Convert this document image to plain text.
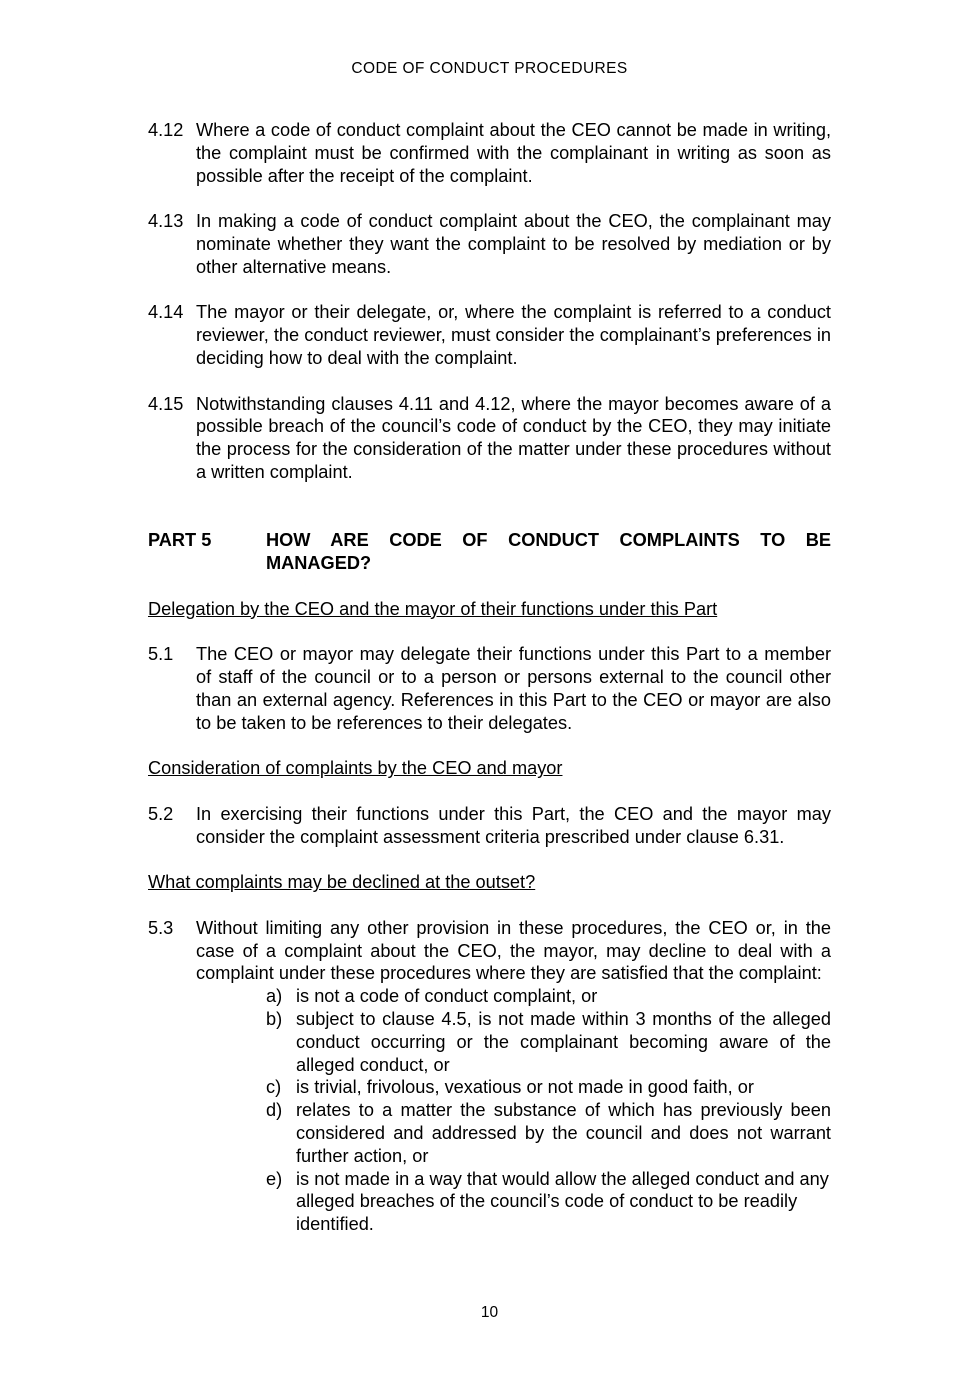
CODE OF CONDUCT PROCEDURES
4.12 Where a code of conduct complaint about the CEO cannot be made in writing, the complaint must be confirmed with the complainant in writing as soon as possible after the receipt of the complaint.
4.13 In making a code of conduct complaint about the CEO, the complainant may nominate whether they want the complaint to be resolved by mediation or by other alternative means.
4.14 The mayor or their delegate, or, where the complaint is referred to a conduct reviewer, the conduct reviewer, must consider the complainant’s preferences in deciding how to deal with the complaint.
4.15 Notwithstanding clauses 4.11 and 4.12, where the mayor becomes aware of a possible breach of the council’s code of conduct by the CEO, they may initiate the process for the consideration of the matter under these procedures without a written complaint.
PART 5	HOW ARE CODE OF CONDUCT COMPLAINTS TO BE MANAGED?
Delegation by the CEO and the mayor of their functions under this Part
5.1	The CEO or mayor may delegate their functions under this Part to a member of staff of the council or to a person or persons external to the council other than an external agency. References in this Part to the CEO or mayor are also to be taken to be references to their delegates.
Consideration of complaints by the CEO and mayor
5.2	In exercising their functions under this Part, the CEO and the mayor may consider the complaint assessment criteria prescribed under clause 6.31.
What complaints may be declined at the outset?
5.3	Without limiting any other provision in these procedures, the CEO or, in the case of a complaint about the CEO, the mayor, may decline to deal with a complaint under these procedures where they are satisfied that the complaint:
a) is not a code of conduct complaint, or
b) subject to clause 4.5, is not made within 3 months of the alleged conduct occurring or the complainant becoming aware of the alleged conduct, or
c) is trivial, frivolous, vexatious or not made in good faith, or
d) relates to a matter the substance of which has previously been considered and addressed by the council and does not warrant further action, or
e) is not made in a way that would allow the alleged conduct and any alleged breaches of the council’s code of conduct to be readily identified.
10
